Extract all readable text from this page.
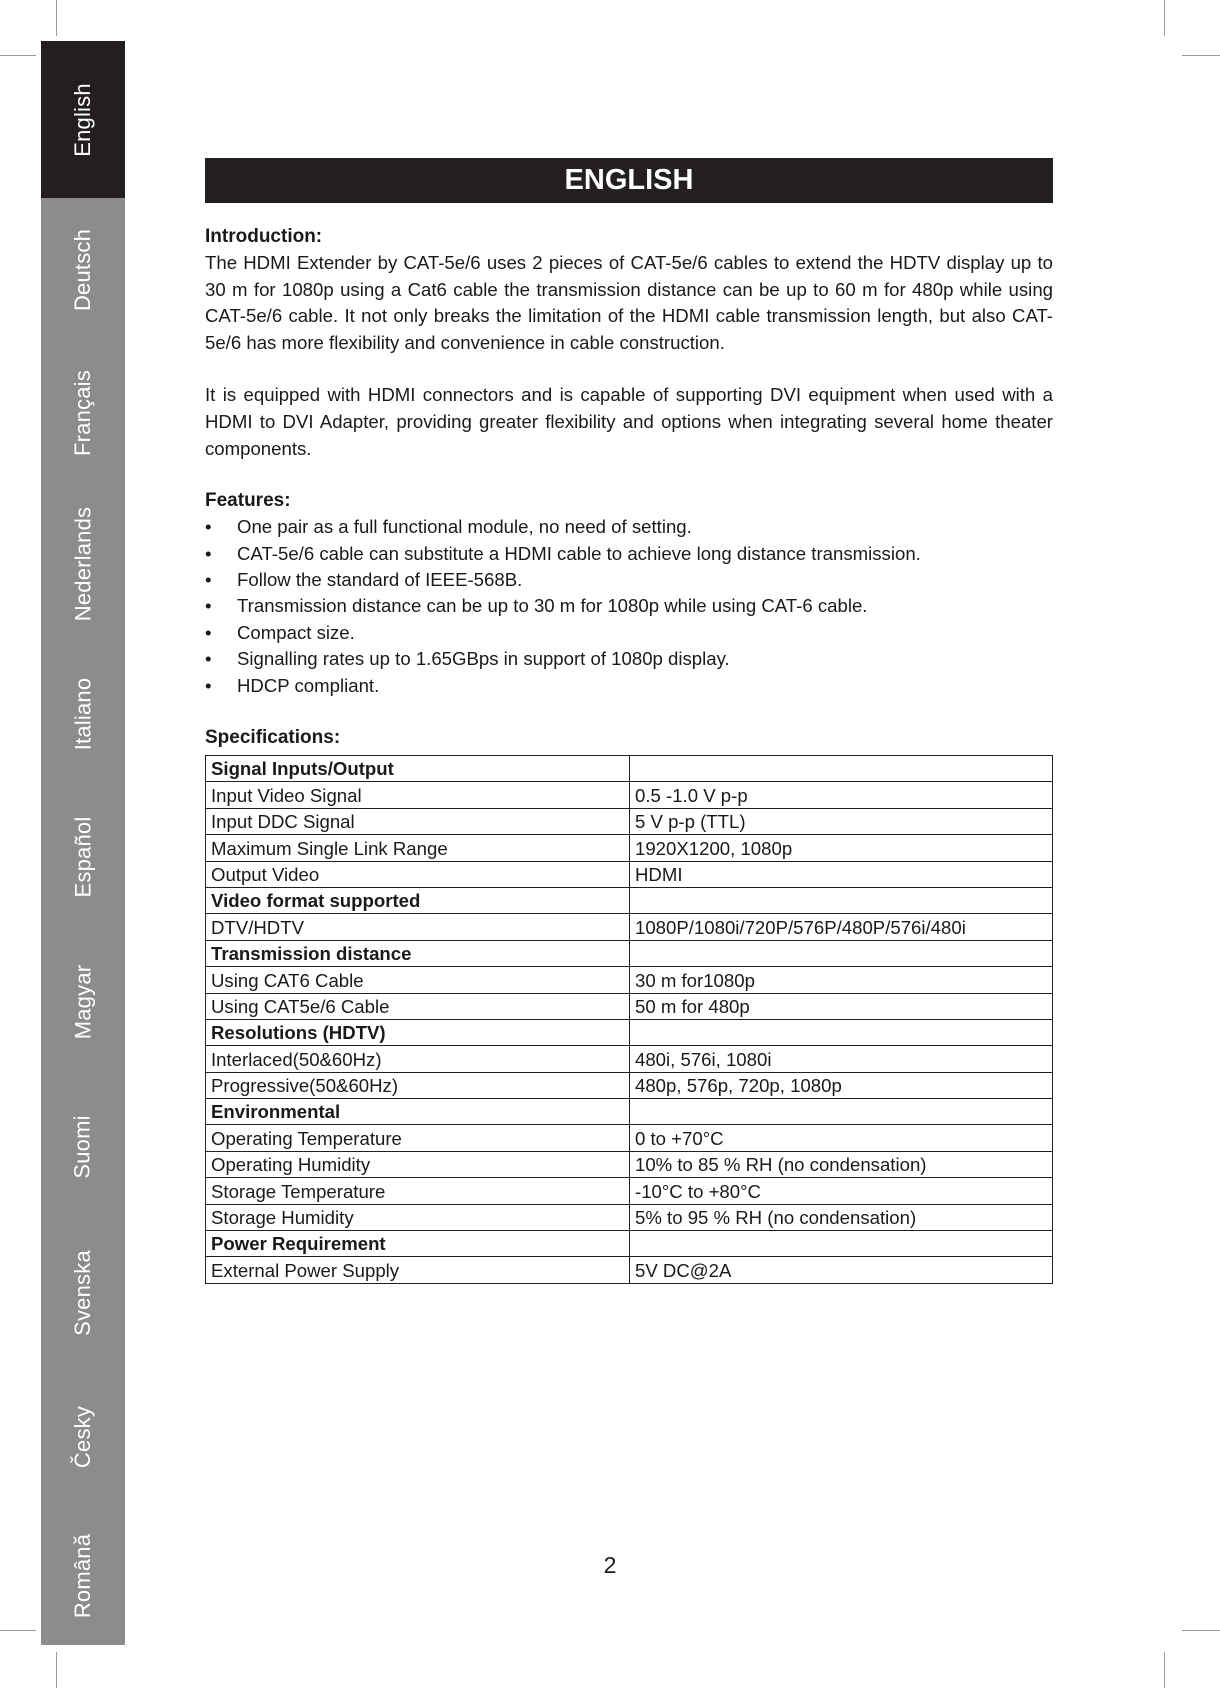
English
Deutsch
Français
Nederlands
Italiano
Español
Magyar
Suomi
Svenska
Česky
Română
ENGLISH

Introduction:

The HDMI Extender by CAT-5e/6 uses 2 pieces of CAT-5e/6 cables to extend the HDTV display up to 30 m for 1080p using a Cat6 cable the transmission distance can be up to 60 m for 480p while using CAT-5e/6 cable. It not only breaks the limitation of the HDMI cable transmission length, but also CAT-5e/6 has more flexibility and convenience in cable construction.

It is equipped with HDMI connectors and is capable of supporting DVI equipment when used with a HDMI to DVI Adapter, providing greater flexibility and options when integrating several home theater components.

Features:

• One pair as a full functional module, no need of setting.
• CAT-5e/6 cable can substitute a HDMI cable to achieve long distance transmission.
• Follow the standard of IEEE-568B.
• Transmission distance can be up to 30 m for 1080p while using CAT-6 cable.
• Compact size.
• Signalling rates up to 1.65GBps in support of 1080p display.
• HDCP compliant.

Specifications:

Signal Inputs/Output	
Input Video Signal	0.5 -1.0 V p-p
Input DDC Signal	5 V p-p (TTL)
Maximum Single Link Range	1920X1200, 1080p
Output Video	HDMI
Video format supported	
DTV/HDTV	1080P/1080i/720P/576P/480P/576i/480i
Transmission distance	
Using CAT6 Cable	30 m for1080p
Using CAT5e/6 Cable	50 m for 480p
Resolutions (HDTV)	
Interlaced(50&60Hz)	480i, 576i, 1080i
Progressive(50&60Hz)	480p, 576p, 720p, 1080p
Environmental	
Operating Temperature	0 to +70°C
Operating Humidity	10% to 85 % RH (no condensation)
Storage Temperature	-10°C to +80°C
Storage Humidity	5% to 95 % RH (no condensation)
Power Requirement	
External Power Supply	5V DC@2A
2
